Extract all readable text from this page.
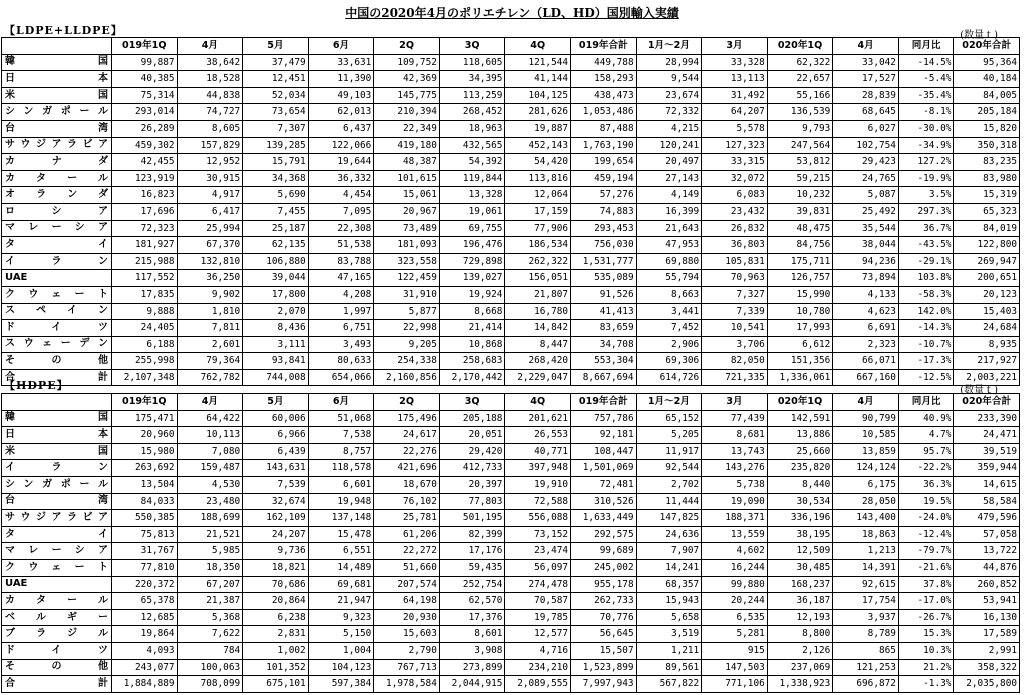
中国の2020年4月のポリエチレン（LD、HD）国別輸入実績
【LDPE+LLDPE】	(数量ｔ)
	019年1Q	4月	5月	6月	2Q	3Q	4Q	019年合計	1月～2月	3月	020年1Q	4月	同月比	020年合計
韓国	99,887	38,642	37,479	33,631	109,752	118,605	121,544	449,788	28,994	33,328	62,322	33,042	-14.5%	95,364
日本	40,385	18,528	12,451	11,390	42,369	34,395	41,144	158,293	9,544	13,113	22,657	17,527	-5.4%	40,184
米国	75,314	44,838	52,034	49,103	145,775	113,259	104,125	438,473	23,674	31,492	55,166	28,839	-35.4%	84,005
シンガポール	293,014	74,727	73,654	62,013	210,394	268,452	281,626	1,053,486	72,332	64,207	136,539	68,645	-8.1%	205,184
台湾	26,289	8,605	7,307	6,437	22,349	18,963	19,887	87,488	4,215	5,578	9,793	6,027	-30.0%	15,820
サウジアラビア	459,302	157,829	139,285	122,066	419,180	432,565	452,143	1,763,190	120,241	127,323	247,564	102,754	-34.9%	350,318
カナダ	42,455	12,952	15,791	19,644	48,387	54,392	54,420	199,654	20,497	33,315	53,812	29,423	127.2%	83,235
カタール	123,919	30,915	34,368	36,332	101,615	119,844	113,816	459,194	27,143	32,072	59,215	24,765	-19.9%	83,980
オランダ	16,823	4,917	5,690	4,454	15,061	13,328	12,064	57,276	4,149	6,083	10,232	5,087	3.5%	15,319
ロシア	17,696	6,417	7,455	7,095	20,967	19,061	17,159	74,883	16,399	23,432	39,831	25,492	297.3%	65,323
マレーシア	72,323	25,994	25,187	22,308	73,489	69,755	77,906	293,453	21,643	26,832	48,475	35,544	36.7%	84,019
タイ	181,927	67,370	62,135	51,538	181,093	196,476	186,534	756,030	47,953	36,803	84,756	38,044	-43.5%	122,800
イラン	215,988	132,810	106,880	83,788	323,558	729,898	262,322	1,531,777	69,880	105,831	175,711	94,236	-29.1%	269,947
UAE	117,552	36,250	39,044	47,165	122,459	139,027	156,051	535,089	55,794	70,963	126,757	73,894	103.8%	200,651
クウェート	17,835	9,902	17,800	4,208	31,910	19,924	21,807	91,526	8,663	7,327	15,990	4,133	-58.3%	20,123
スペイン	9,888	1,810	2,070	1,997	5,877	8,668	16,780	41,413	3,441	7,339	10,780	4,623	142.0%	15,403
ドイツ	24,405	7,811	8,436	6,751	22,998	21,414	14,842	83,659	7,452	10,541	17,993	6,691	-14.3%	24,684
スウェーデン	6,188	2,601	3,111	3,493	9,205	10,868	8,447	34,708	2,906	3,706	6,612	2,323	-10.7%	8,935
その他	255,998	79,364	93,841	80,633	254,338	258,683	268,420	553,304	69,306	82,050	151,356	66,071	-17.3%	217,927
合計	2,107,348	762,782	744,008	654,066	2,160,856	2,170,442	2,229,047	8,667,694	614,726	721,335	1,336,061	667,160	-12.5%	2,003,221
【HDPE】	(数量ｔ)
	019年1Q	4月	5月	6月	2Q	3Q	4Q	019年合計	1月～2月	3月	020年1Q	4月	同月比	020年合計
韓国	175,471	64,422	60,006	51,068	175,496	205,188	201,621	757,786	65,152	77,439	142,591	90,799	40.9%	233,390
日本	20,960	10,113	6,966	7,538	24,617	20,051	26,553	92,181	5,205	8,681	13,886	10,585	4.7%	24,471
米国	15,980	7,080	6,439	8,757	22,276	29,420	40,771	108,447	11,917	13,743	25,660	13,859	95.7%	39,519
イラン	263,692	159,487	143,631	118,578	421,696	412,733	397,948	1,501,069	92,544	143,276	235,820	124,124	-22.2%	359,944
シンガポール	13,504	4,530	7,539	6,601	18,670	20,397	19,910	72,481	2,702	5,738	8,440	6,175	36.3%	14,615
台湾	84,033	23,480	32,674	19,948	76,102	77,803	72,588	310,526	11,444	19,090	30,534	28,050	19.5%	58,584
サウジアラビア	550,385	188,699	162,109	137,148	25,781	501,195	556,088	1,633,449	147,825	188,371	336,196	143,400	-24.0%	479,596
タイ	75,813	21,521	24,207	15,478	61,206	82,399	73,152	292,575	24,636	13,559	38,195	18,863	-12.4%	57,058
マレーシア	31,767	5,985	9,736	6,551	22,272	17,176	23,474	99,689	7,907	4,602	12,509	1,213	-79.7%	13,722
クウェート	77,810	18,350	18,821	14,489	51,660	59,435	56,097	245,002	14,241	16,244	30,485	14,391	-21.6%	44,876
UAE	220,372	67,207	70,686	69,681	207,574	252,754	274,478	955,178	68,357	99,880	168,237	92,615	37.8%	260,852
カタール	65,378	21,387	20,864	21,947	64,198	62,570	70,587	262,733	15,943	20,244	36,187	17,754	-17.0%	53,941
ベルギー	12,685	5,368	6,238	9,323	20,930	17,376	19,785	70,776	5,658	6,535	12,193	3,937	-26.7%	16,130
ブラジル	19,864	7,622	2,831	5,150	15,603	8,601	12,577	56,645	3,519	5,281	8,800	8,789	15.3%	17,589
ドイツ	4,093	784	1,002	1,004	2,790	3,908	4,716	15,507	1,211	915	2,126	865	10.3%	2,991
その他	243,077	100,063	101,352	104,123	767,713	273,899	234,210	1,523,899	89,561	147,503	237,069	121,253	21.2%	358,322
合計	1,884,889	708,099	675,101	597,384	1,978,584	2,044,915	2,089,555	7,997,943	567,822	771,106	1,338,923	696,872	-1.3%	2,035,800
